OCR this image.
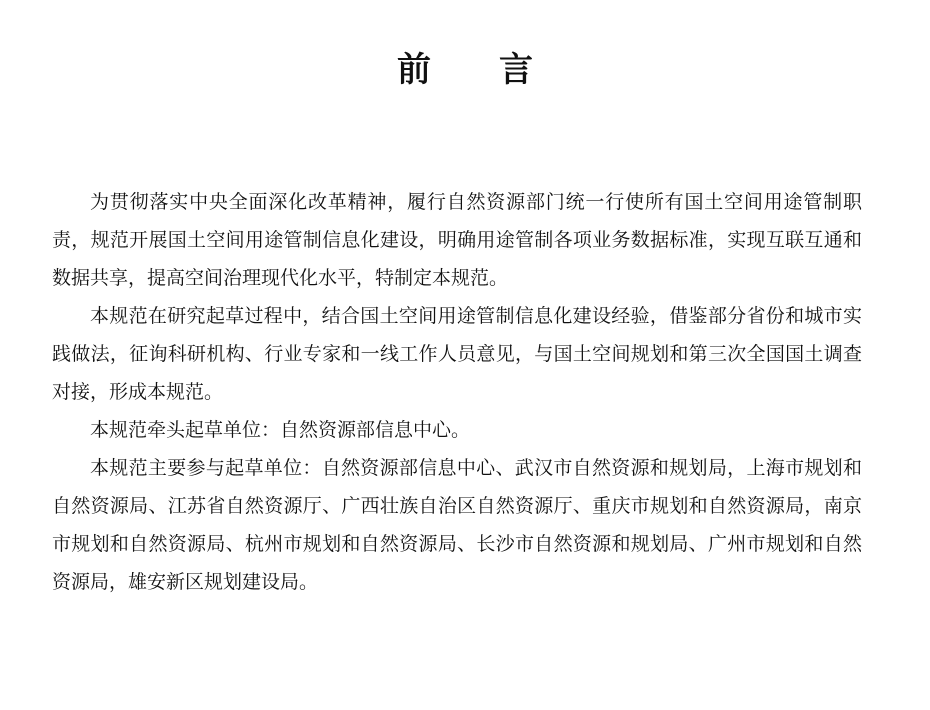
前　　言

为贯彻落实中央全面深化改革精神，履行自然资源部门统一行使所有国土空间用途管制职责，规范开展国土空间用途管制信息化建设，明确用途管制各项业务数据标准，实现互联互通和数据共享，提高空间治理现代化水平，特制定本规范。

本规范在研究起草过程中，结合国土空间用途管制信息化建设经验，借鉴部分省份和城市实践做法，征询科研机构、行业专家和一线工作人员意见，与国土空间规划和第三次全国国土调查对接，形成本规范。

本规范牵头起草单位：自然资源部信息中心。

本规范主要参与起草单位：自然资源部信息中心、武汉市自然资源和规划局，上海市规划和自然资源局、江苏省自然资源厅、广西壮族自治区自然资源厅、重庆市规划和自然资源局，南京市规划和自然资源局、杭州市规划和自然资源局、长沙市自然资源和规划局、广州市规划和自然资源局，雄安新区规划建设局。
